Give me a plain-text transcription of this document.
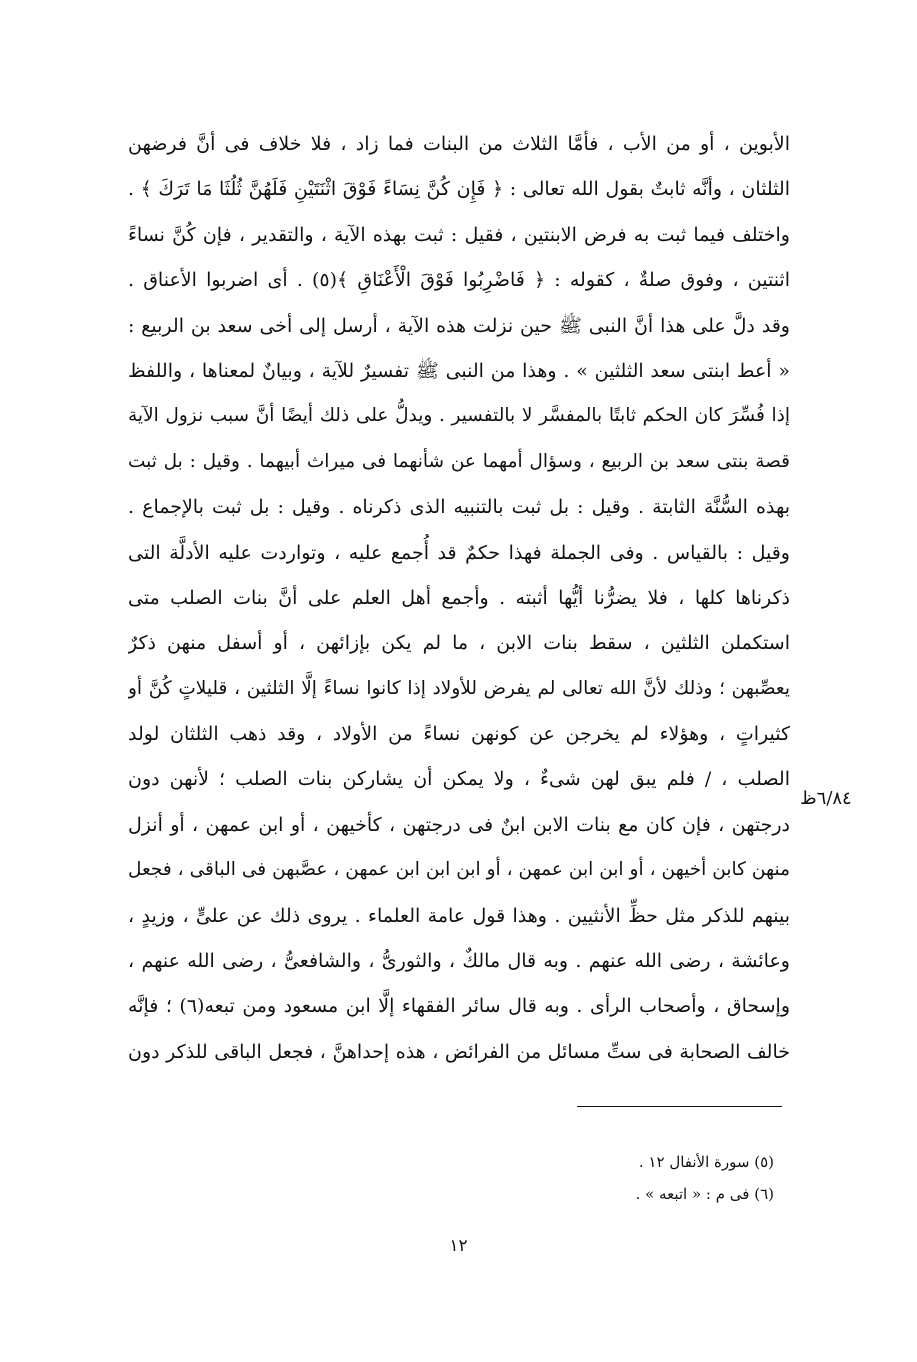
الأبوين ، أو من الأب ، فأمَّا الثلاث من البنات فما زاد ، فلا خلاف فى أنَّ فرضهن
الثلثان ، وأنَّه ثابتٌ بقول الله تعالى : ﴿ فَإِن كُنَّ نِسَاءً فَوْقَ اثْنَتَيْنِ فَلَهُنَّ ثُلُثَا مَا تَرَكَ ﴾ .
واختلف فيما ثبت به فرض الابنتين ، فقيل : ثبت بهذه الآية ، والتقدير ، فإن كُنَّ نساءً
اثنتين ، وفوق صلةٌ ، كقوله : ﴿ فَاضْرِبُوا فَوْقَ الْأَعْنَاقِ ﴾(٥) . أى اضربوا الأعناق .
وقد دلَّ على هذا أنَّ النبى ﷺ حين نزلت هذه الآية ، أرسل إلى أخى سعد بن الربيع :
« أعط ابنتى سعد الثلثين » . وهذا من النبى ﷺ تفسيرٌ للآية ، وبيانٌ لمعناها ، واللفظ
إذا فُسِّرَ كان الحكم ثابتًا بالمفسَّر لا بالتفسير . ويدلُّ على ذلك أيضًا أنَّ سبب نزول الآية
قصة بنتى سعد بن الربيع ، وسؤال أمهما عن شأنهما فى ميراث أبيهما . وقيل : بل ثبت
بهذه السُّنَّة الثابتة . وقيل : بل ثبت بالتنبيه الذى ذكرناه . وقيل : بل ثبت بالإجماع .
وقيل : بالقياس . وفى الجملة فهذا حكمٌ قد أُجمع عليه ، وتواردت عليه الأدلَّة التى
ذكرناها كلها ، فلا يضرُّنا أيُّها أثبته . وأجمع أهل العلم على أنَّ بنات الصلب متى
استكملن الثلثين ، سقط بنات الابن ، ما لم يكن بإزائهن ، أو أسفل منهن ذكرٌ
يعصِّبهن ؛ وذلك لأنَّ الله تعالى لم يفرض للأولاد إذا كانوا نساءً إلَّا الثلثين ، قليلاتٍ كُنَّ أو
كثيراتٍ ، وهؤلاء لم يخرجن عن كونهن نساءً من الأولاد ، وقد ذهب الثلثان لولد
الصلب ، / فلم يبق لهن شىءٌ ، ولا يمكن أن يشاركن بنات الصلب ؛ لأنهن دون
درجتهن ، فإن كان مع بنات الابن ابنٌ فى درجتهن ، كأخيهن ، أو ابن عمهن ، أو أنزل
منهن كابن أخيهن ، أو ابن ابن عمهن ، أو ابن ابن ابن عمهن ، عصَّبهن فى الباقى ، فجعل
بينهم للذكر مثل حظِّ الأنثيين . وهذا قول عامة العلماء . يروى ذلك عن علىٍّ ، وزيدٍ ،
وعائشة ، رضى الله عنهم . وبه قال مالكٌ ، والثورىُّ ، والشافعىُّ ، رضى الله عنهم ،
وإسحاق ، وأصحاب الرأى . وبه قال سائر الفقهاء إلَّا ابن مسعود ومن تبعه(٦) ؛ فإنَّه
خالف الصحابة فى ستِّ مسائل من الفرائض ، هذه إحداهنَّ ، فجعل الباقى للذكر دون
٦/٨٤ظ
(٥) سورة الأنفال ١٢ .
(٦) فى م : « اتبعه » .
١٢
